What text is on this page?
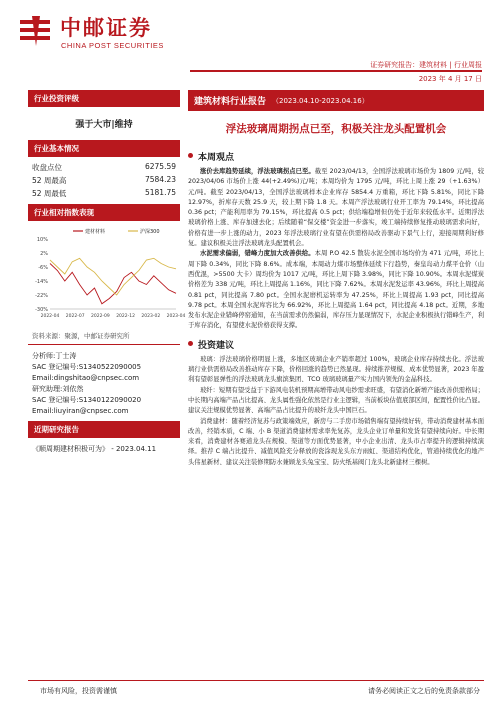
中邮证券
CHINA POST SECURITIES
证券研究报告：建筑材料 | 行业周报
2023 年 4 月 17 日
行业投资评级
强于大市|维持
行业基本情况
收盘点位	6275.59
52 周最高	7584.23
52 周最低	5181.75
行业相对指数表现
10%
2%
-6%
-14%
-22%
-30%
2022-04 2022-07 2022-09 2022-12 2023-02 2023-04
建材材料	沪深300
资料来源：聚源，中邮证券研究所
分析师:丁士涛
SAC 登记编号:S1340522090005
Email:dingshitao@cnpsec.com
研究助理:刘依然
SAC 登记编号:S1340122090020
Email:liuyiran@cnpsec.com
近期研究报告
《顺周期建材积极可为》 - 2023.04.11
建筑材料行业报告 （2023.04.10-2023.04.16）
浮法玻璃周期拐点已至，积极关注龙头配置机会
本周观点

涨价去库趋势延续，浮法玻璃拐点已至。截至 2023/04/13，全国浮法玻璃市场价为 1809 元/吨，较 2023/04/06 市场价上涨 44(+2.49%)元/吨；本周均价为 1795 元/吨，环比上周上涨 29（+1.63%）元/吨。截至 2023/04/13，全国浮法玻璃样本企业库存 5854.4 万重箱，环比下降 5.81%，同比下降 12.97%，折库存天数 25.9 天，较上期下降 1.8 天。本周产浮法玻璃行业开工率为 79.14%，环比提高 0.36 pct；产能利用率为 79.15%，环比提高 0.5 pct；供给端稳增但仍处于近年来较低水平。近期浮法玻璃价格上涨、库存加速去化；后续随着“保交楼”资金进一步落实，竣工端持续修复推动玻璃需求向好，价格有进一步上涨的动力，2023 年浮法玻璃行业有望在供需格局改善驱动下景气上行，迎接周期利好修复。建议积极关注浮法玻璃龙头配置机会。

水泥需求偏弱，错峰力度加大改善供给。本周 P.O 42.5 散装水泥全国市场均价为 471 元/吨，环比上周下降 0.34%，同比下降 8.6%。成本端，本周动力煤市场整体延续下行趋势，秦皇岛动力煤平仓价（山西优混，>5500 大卡）周均价为 1017 元/吨，环比上周下降 3.98%，同比下降 10.90%。本周水泥煤炭价格差为 338 元/吨，环比上周提高 1.16%，同比下降 7.62%。本周水泥发运率 43.96%，环比上周提高 0.81 pct，同比提高 7.80 pct。全国水泥磨机运转率为 47.25%，环比上周提高 1.93 pct，同比提高 9.78 pct。本周全国水泥库容比为 66.92%，环比上周提高 1.64 pct，同比提高 4.18 pct。近期，多地发布水泥企业错峰停窑通知，在当前需求仍然偏弱，库存压力显现情况下，水泥企业积极执行错峰生产，利于库存消化，有望使水泥价格获得支撑。

投资建议

玻璃：浮法玻璃价格明显上涨，多地区玻璃企业产销率超过 100%，玻璃企业库存持续去化。浮法玻璃行业供需格局改善推动库存下降，价格回涨的趋势已然显现。持续推荐规模、成本优势显著，2023 年盈利有望彰显弹性的浮法玻璃龙头旗滨集团、TCO 玻璃玻璃量产实力国内领先的金晶科技。

玻纤：短期有望受益于下游风电装机预期高增带动风电纱需求旺盛，有望消化新增产能改善供需格局；中长期内高端产品占比提高、龙头属性强化依然是行业主逻辑，当前板块估值底部区间，配置性价比凸显。建议关注规模优势显著、高端产品占比提升的玻纤龙头中国巨石。

消费建材：随着经济复苏与政策端效应，新房与二手房市场销售端有望持续好转，带动消费建材基本面改善，经销本质，C 端、小 B 渠道消费建材需求率先复苏，龙头企业订单量和发货有望持续向好。中长期来看，消费建材各赛道龙头在规模、渠道等方面优势显著，中小企业出清、龙头市占率提升的逻辑持续演绎。推荐 C 端占比提升、减值风险充分释放的瓷涂现龙头东方雨虹、渠道结构优化，管道持续优化的地产头伟星新材、建议关注装修期防水兼顾龙头兔宝宝、防火纸基阀门龙头北新建材三棵树。

市场有风险，投资需谨慎	请务必阅读正文之后的免责条款部分
